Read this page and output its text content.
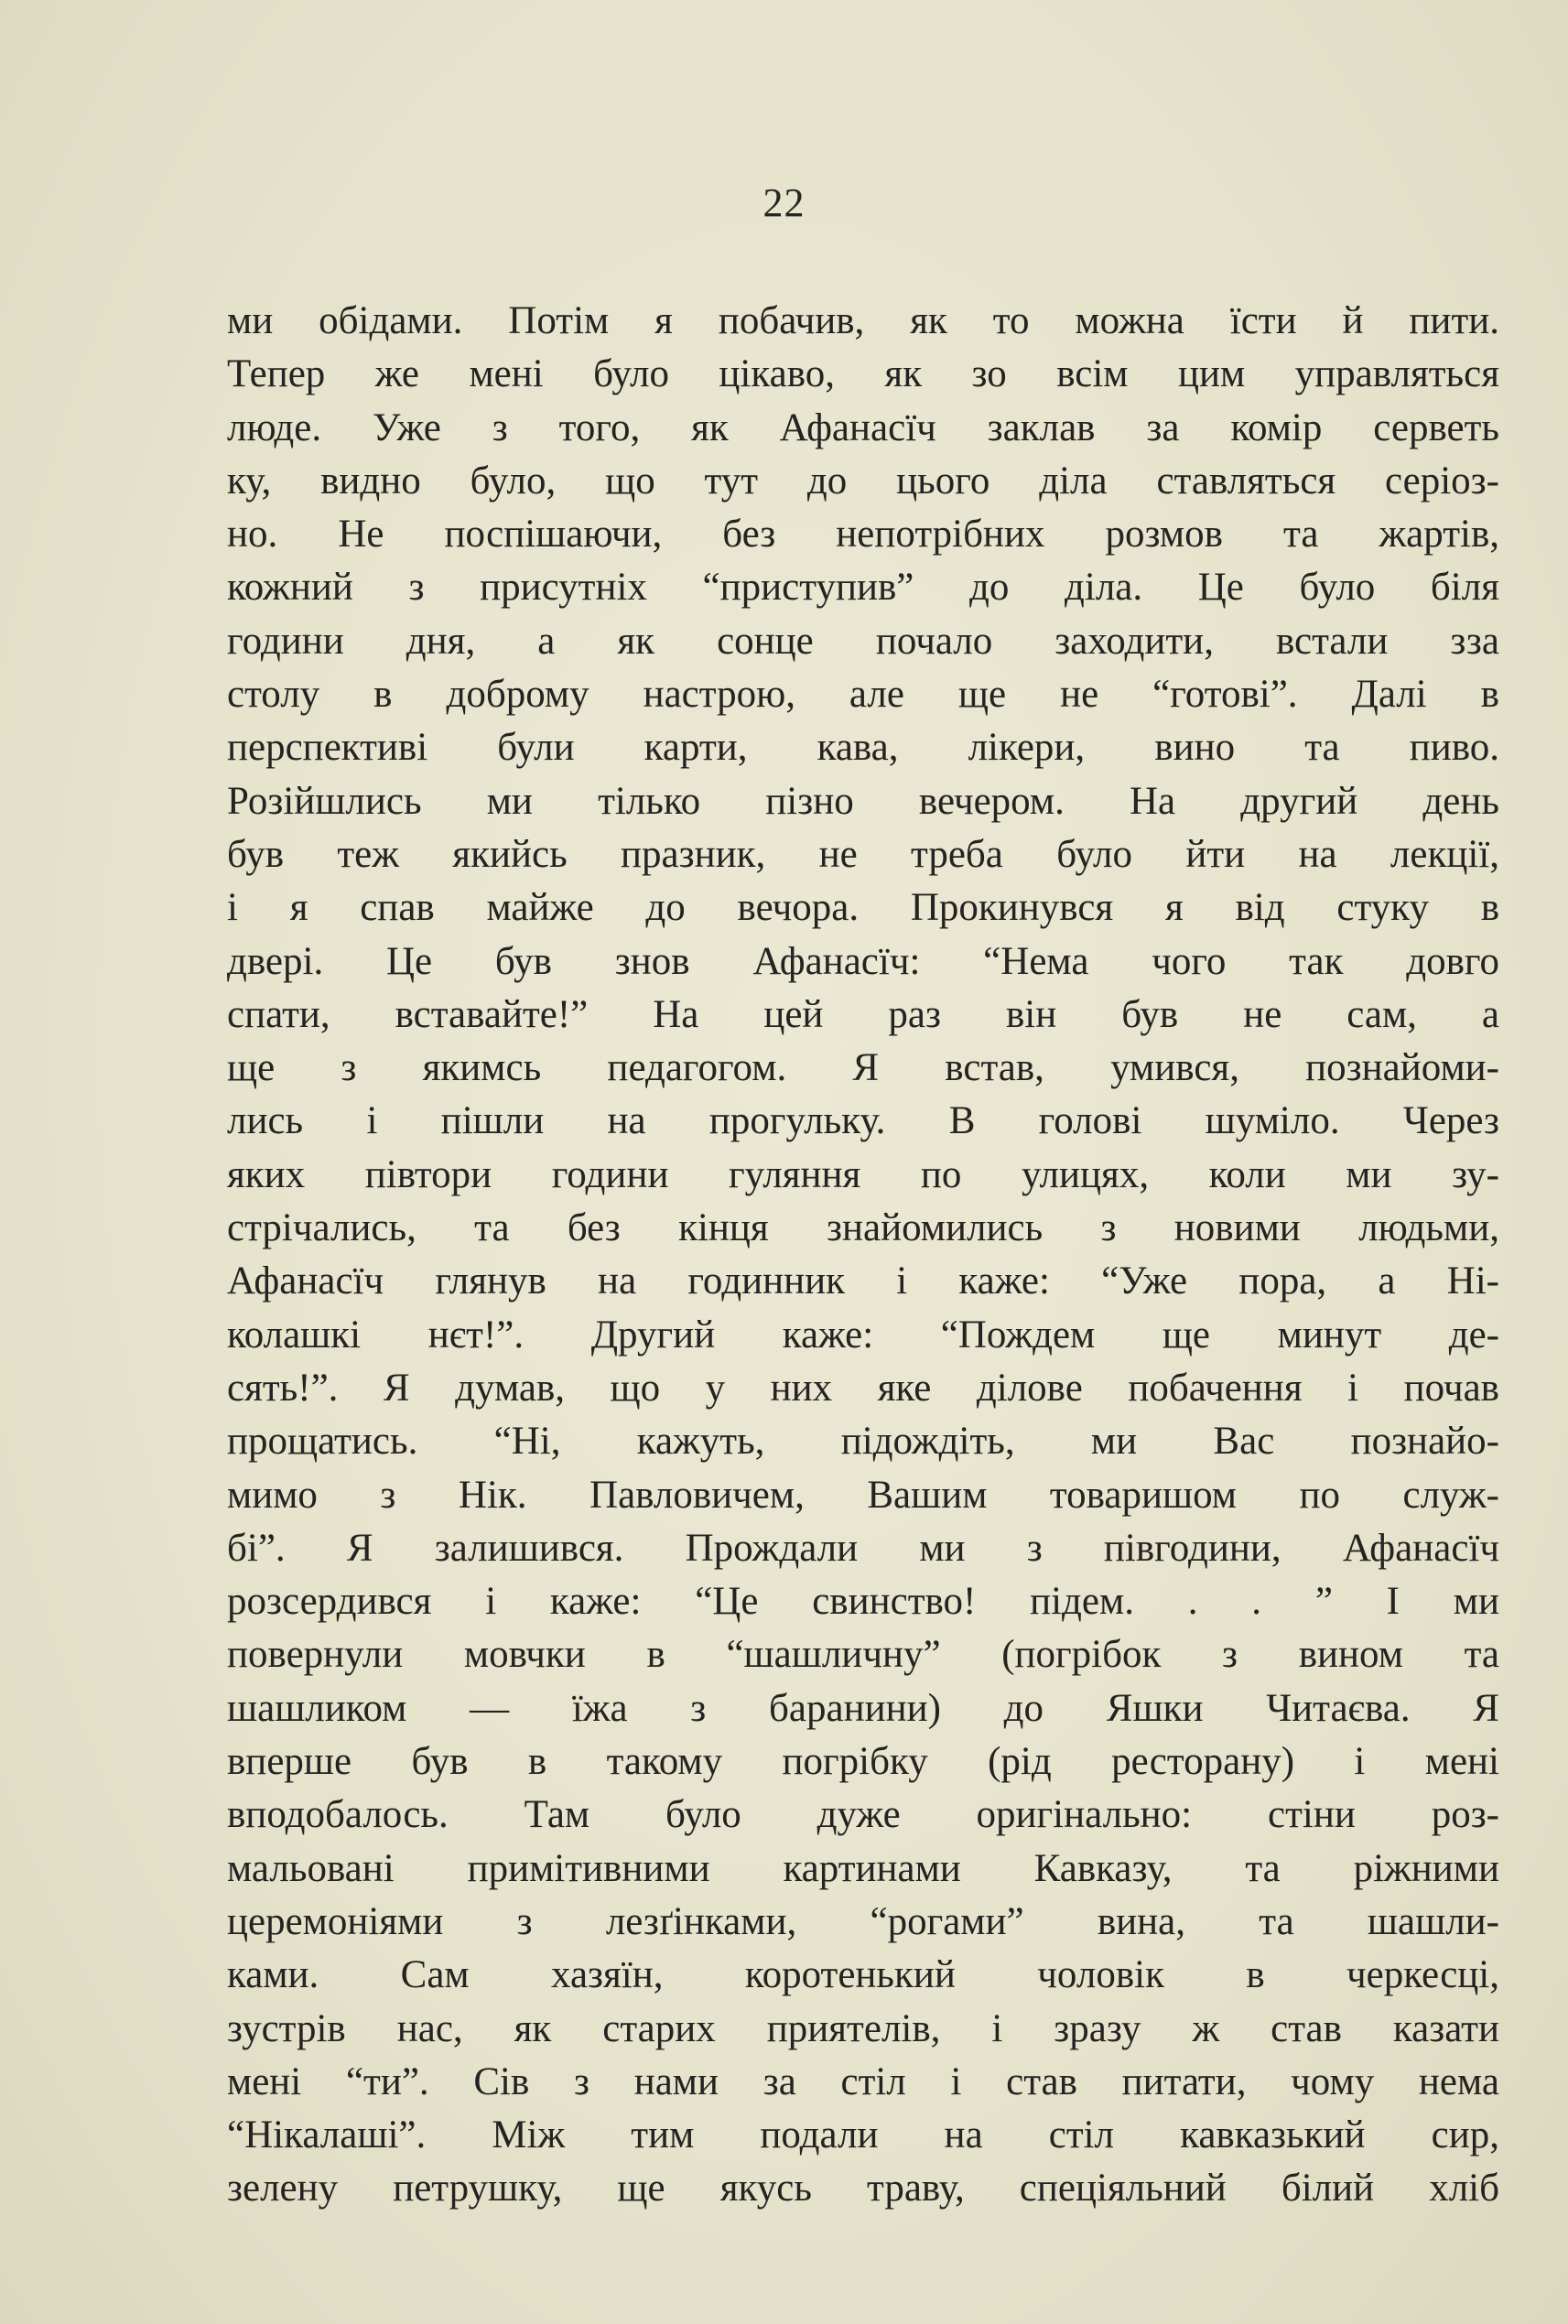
22
ми обідами. Потім я побачив, як то можна їсти й пити.
Тепер же мені було цікаво, як зо всім цим управляться
люде. Уже з того, як Афанасїч заклав за комір серветь
ку, видно було, що тут до цього діла ставляться серіоз-
но. Не поспішаючи, без непотрібних розмов та жартів,
кожний з присутніх “приступив” до діла. Це було біля
години дня, а як сонце почало заходити, встали зза
столу в доброму настрою, але ще не “готові”. Далі в
перспективі були карти, кава, лікери, вино та пиво.
Розійшлись ми тілько пізно вечером. На другий день
був теж якийсь празник, не треба було йти на лекції,
і я спав майже до вечора. Прокинувся я від стуку в
двері. Це був знов Афанасїч: “Нема чого так довго
спати, вставайте!” На цей раз він був не сам, а
ще з якимсь педагогом. Я встав, умився, познайоми-
лись і пішли на прогульку. В голові шуміло. Через
яких півтори години гуляння по улицях, коли ми зу-
стрічались, та без кінця знайомились з новими людьми,
Афанасїч глянув на годинник і каже: “Уже пора, а Ні-
колашкі нєт!”. Другий каже: “Пождем ще минут де-
сять!”. Я думав, що у них яке ділове побачення і почав
прощатись. “Ні, кажуть, підождіть, ми Вас познайо-
мимо з Нік. Павловичем, Вашим товаришом по служ-
бі”. Я залишився. Прождали ми з півгодини, Афанасїч
розсердився і каже: “Це свинство! підем. . . ” І ми
повернули мовчки в “шашличну” (погрібок з вином та
шашликом — їжа з баранини) до Яшки Читаєва. Я
вперше був в такому погрібку (рід ресторану) і мені
вподобалось. Там було дуже оригінально: стіни роз-
мальовані примітивними картинами Кавказу, та ріжними
церемоніями з лезґінками, “рогами” вина, та шашли-
ками. Сам хазяїн, коротенький чоловік в черкесці,
зустрів нас, як старих приятелів, і зразу ж став казати
мені “ти”. Сів з нами за стіл і став питати, чому нема
“Нікалаші”. Між тим подали на стіл кавказький сир,
зелену петрушку, ще якусь траву, спеціяльний білий хліб
